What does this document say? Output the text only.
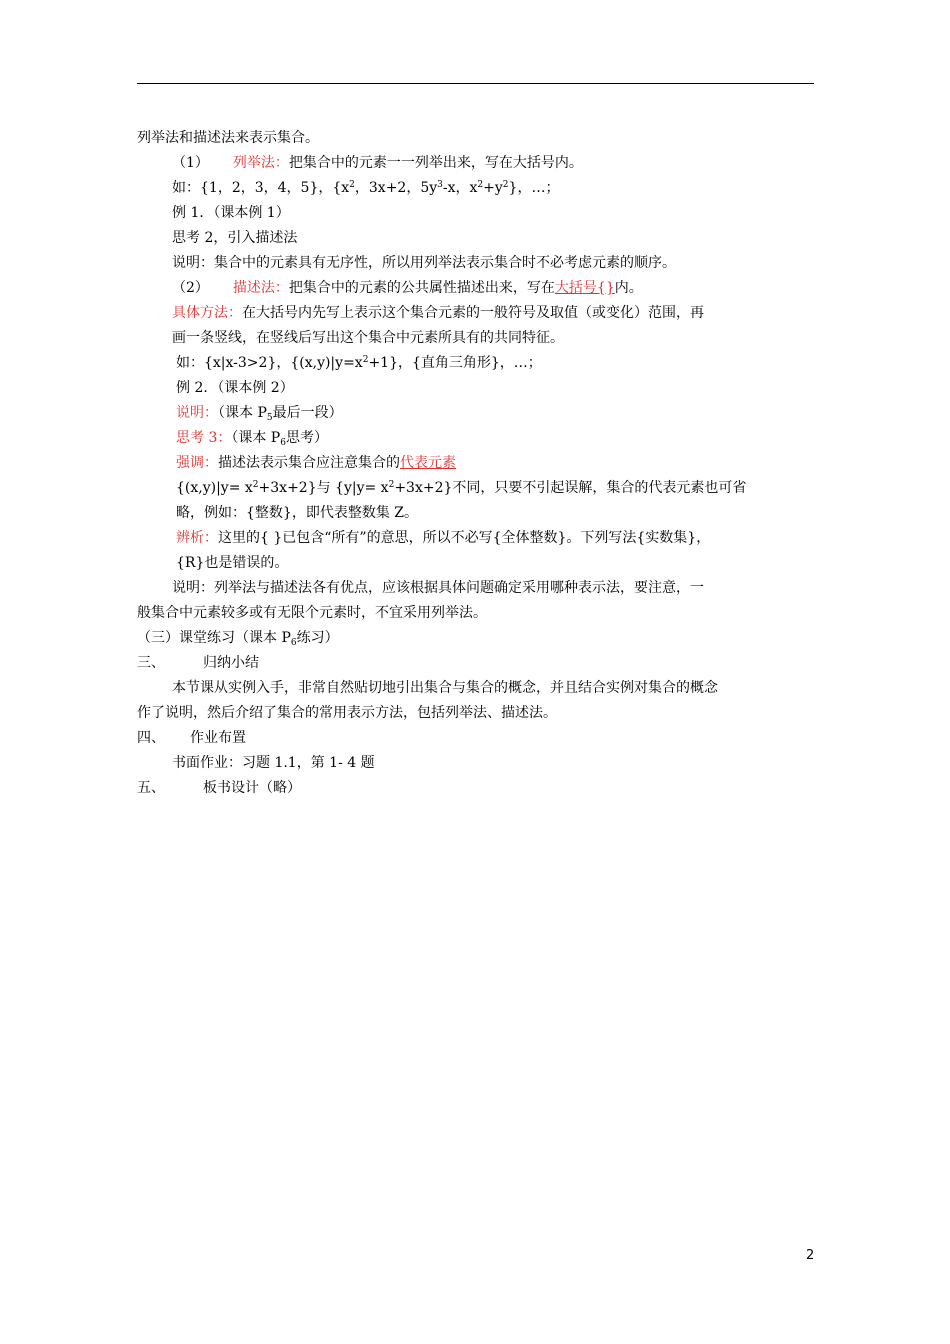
列举法和描述法来表示集合。
（1） 列举法：把集合中的元素一一列举出来，写在大括号内。
如：{1，2，3，4，5}，{$x^2$，3x+2，$5y^3-x$，$x^2+y^2$}，…；
例 1．（课本例 1）
思考 2，引入描述法
说明：集合中的元素具有无序性，所以用列举法表示集合时不必考虑元素的顺序。
（2） 描述法：把集合中的元素的公共属性描述出来，写在大括号{}内。
具体方法：在大括号内先写上表示这个集合元素的一般符号及取值（或变化）范围，再
画一条竖线，在竖线后写出这个集合中元素所具有的共同特征。
如：{x|x-3>2}，$\{(x,y)|y=x^2+1\}$，{直角三角形}，…；
例 2．（课本例 2）
说明：（课本 $P_5$最后一段）
思考 3：（课本 $P_6$思考）
强调：描述法表示集合应注意集合的代表元素
$\{(x,y)|y= x^2+3x+2\}$与 $\{y|y= x^2+3x+2\}$不同，只要不引起误解，集合的代表元素也可省
略，例如：{整数}，即代表整数集 Z。
辨析：这里的{ }已包含“所有”的意思，所以不必写{全体整数}。下列写法{实数集}，
{R}也是错误的。
说明：列举法与描述法各有优点，应该根据具体问题确定采用哪种表示法，要注意，一
般集合中元素较多或有无限个元素时，不宜采用列举法。
（三）课堂练习（课本 $P_6$练习）
三、	归纳小结
本节课从实例入手，非常自然贴切地引出集合与集合的概念，并且结合实例对集合的概念
作了说明，然后介绍了集合的常用表示方法，包括列举法、描述法。
四、 作业布置
书面作业：习题 1.1，第 1- 4 题
五、	板书设计（略）
2
